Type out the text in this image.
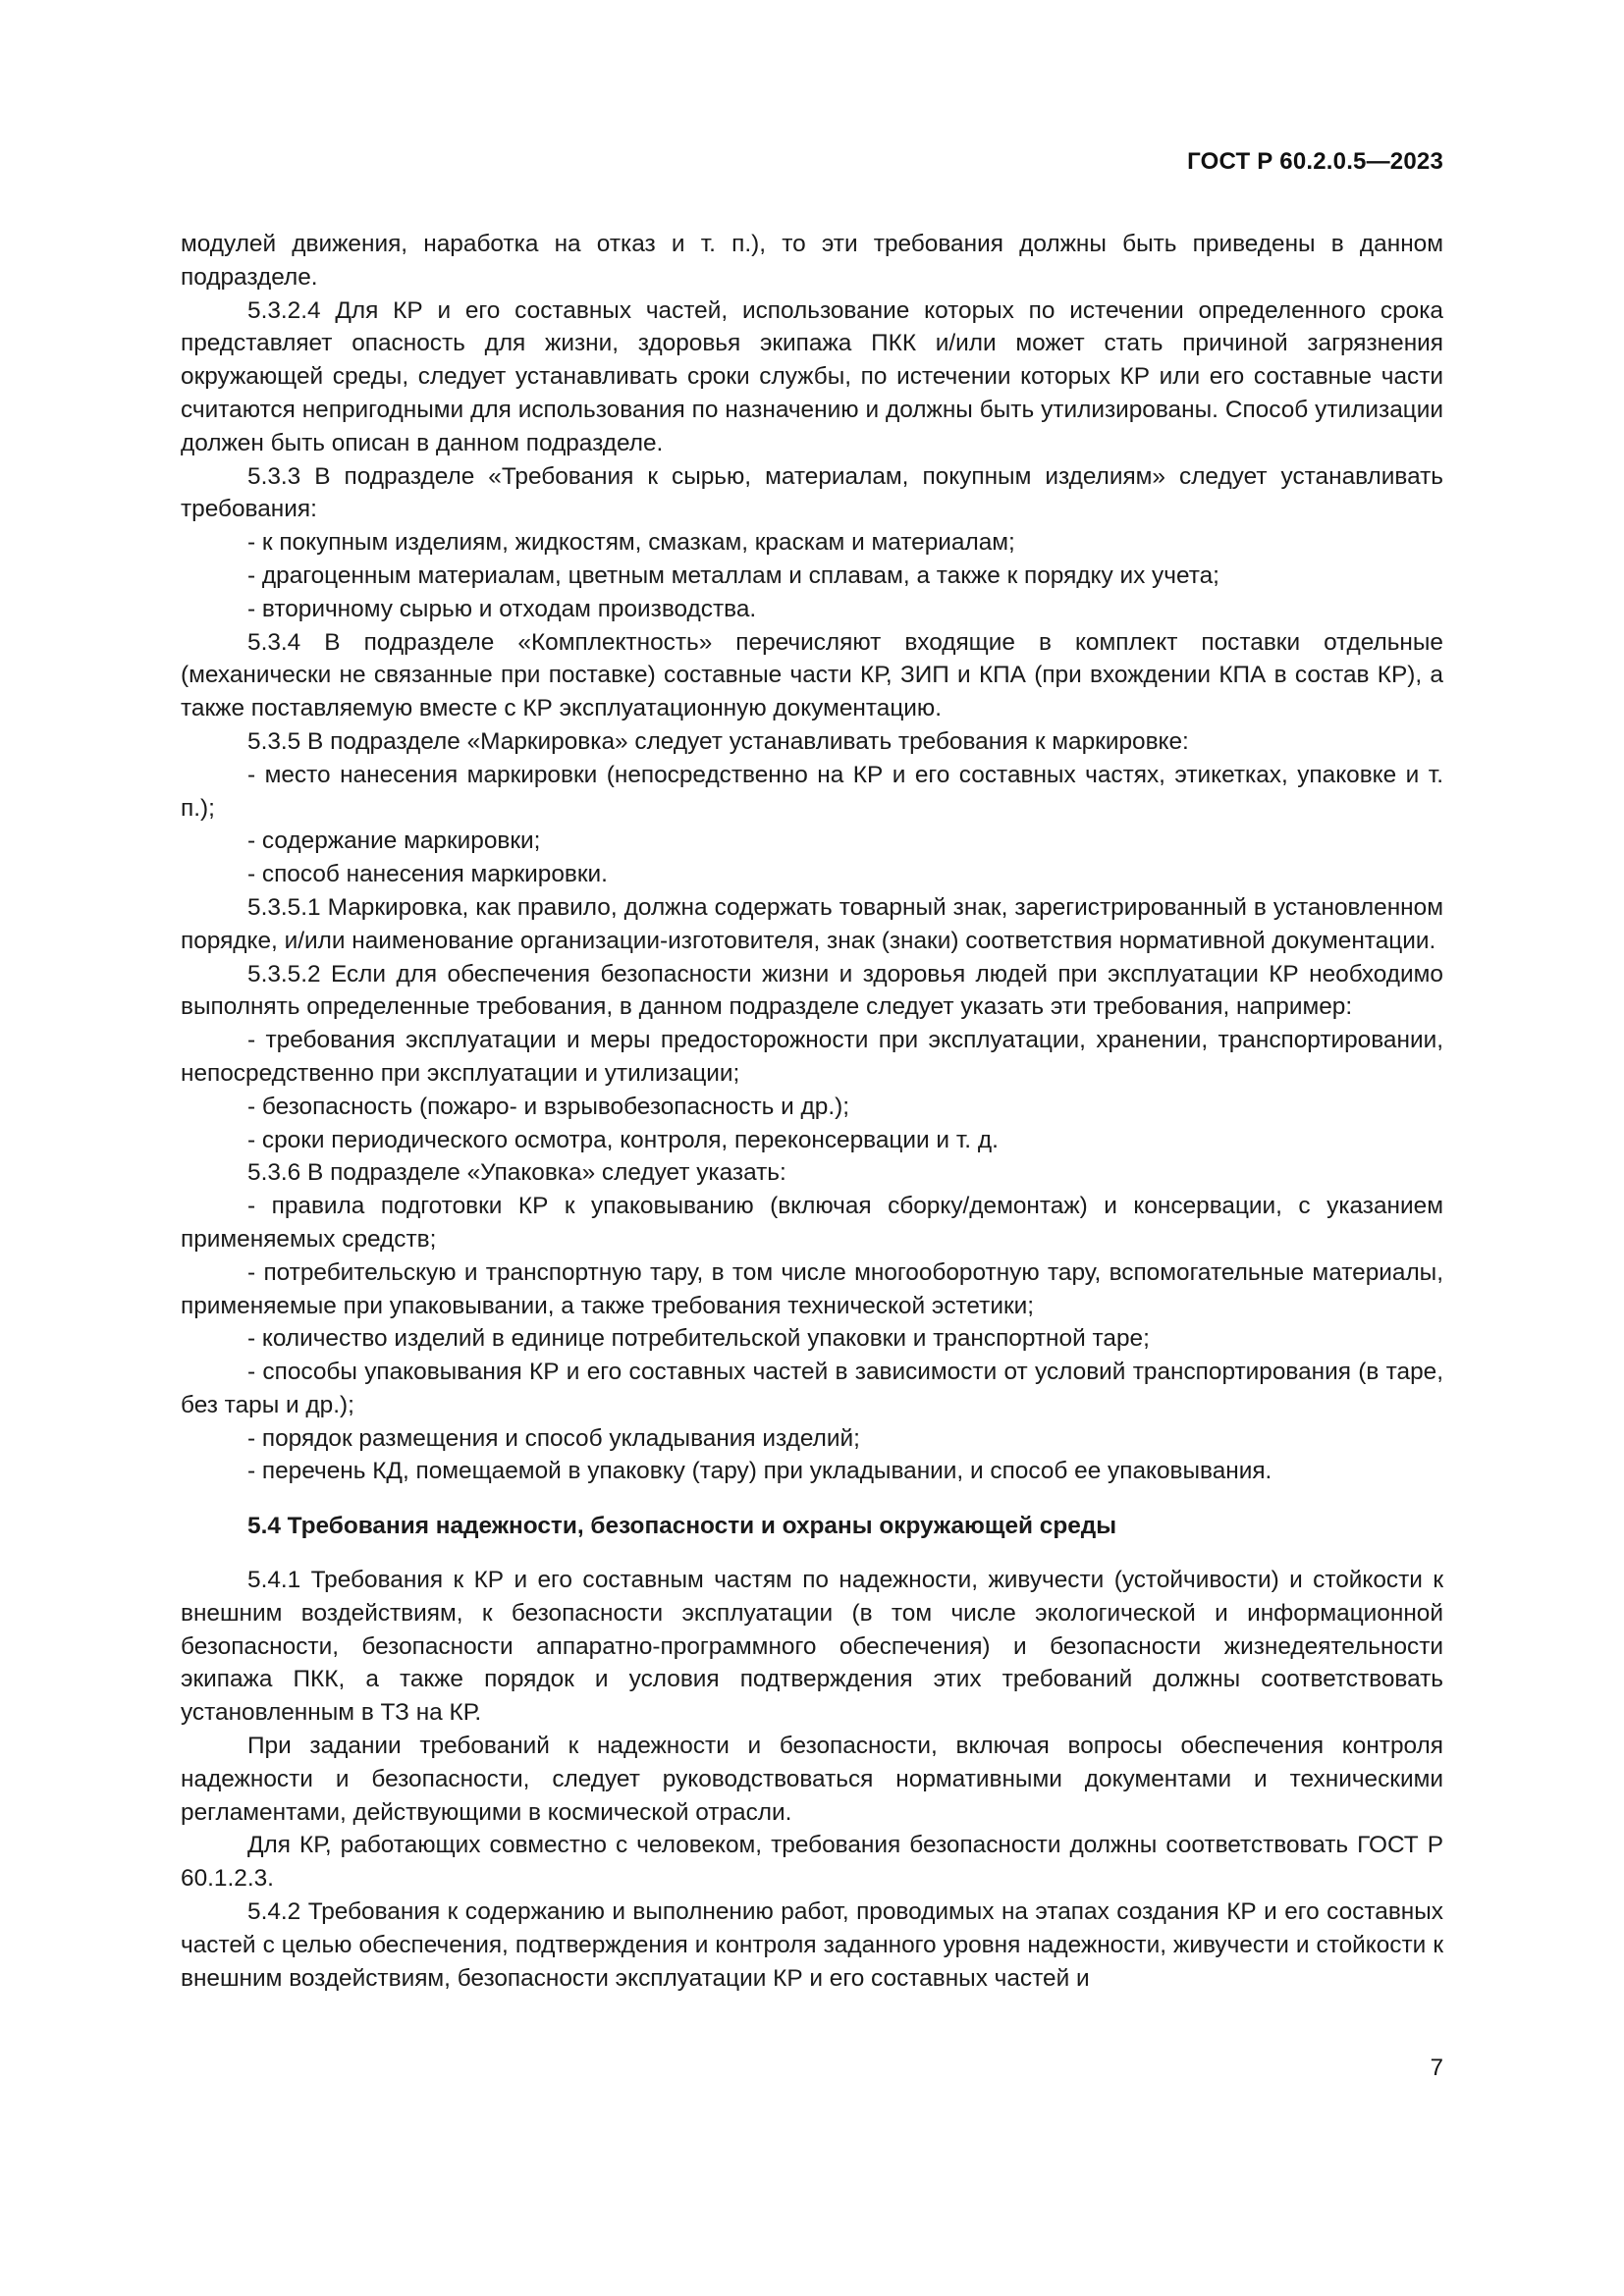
ГОСТ Р 60.2.0.5—2023

модулей движения, наработка на отказ и т. п.), то эти требования должны быть приведены в данном подразделе.

5.3.2.4 Для КР и его составных частей, использование которых по истечении определенного срока представляет опасность для жизни, здоровья экипажа ПКК и/или может стать причиной загрязнения окружающей среды, следует устанавливать сроки службы, по истечении которых КР или его составные части считаются непригодными для использования по назначению и должны быть утилизированы. Способ утилизации должен быть описан в данном подразделе.

5.3.3 В подразделе «Требования к сырью, материалам, покупным изделиям» следует устанавливать требования:

- к покупным изделиям, жидкостям, смазкам, краскам и материалам;

- драгоценным материалам, цветным металлам и сплавам, а также к порядку их учета;

- вторичному сырью и отходам производства.

5.3.4 В подразделе «Комплектность» перечисляют входящие в комплект поставки отдельные (механически не связанные при поставке) составные части КР, ЗИП и КПА (при вхождении КПА в состав КР), а также поставляемую вместе с КР эксплуатационную документацию.

5.3.5 В подразделе «Маркировка» следует устанавливать требования к маркировке:

- место нанесения маркировки (непосредственно на КР и его составных частях, этикетках, упаковке и т. п.);

- содержание маркировки;

- способ нанесения маркировки.

5.3.5.1 Маркировка, как правило, должна содержать товарный знак, зарегистрированный в установленном порядке, и/или наименование организации-изготовителя, знак (знаки) соответствия нормативной документации.

5.3.5.2 Если для обеспечения безопасности жизни и здоровья людей при эксплуатации КР необходимо выполнять определенные требования, в данном подразделе следует указать эти требования, например:

- требования эксплуатации и меры предосторожности при эксплуатации, хранении, транспортировании, непосредственно при эксплуатации и утилизации;

- безопасность (пожаро- и взрывобезопасность и др.);

- сроки периодического осмотра, контроля, переконсервации и т. д.

5.3.6 В подразделе «Упаковка» следует указать:

- правила подготовки КР к упаковыванию (включая сборку/демонтаж) и консервации, с указанием применяемых средств;

- потребительскую и транспортную тару, в том числе многооборотную тару, вспомогательные материалы, применяемые при упаковывании, а также требования технической эстетики;

- количество изделий в единице потребительской упаковки и транспортной таре;

- способы упаковывания КР и его составных частей в зависимости от условий транспортирования (в таре, без тары и др.);

- порядок размещения и способ укладывания изделий;

- перечень КД, помещаемой в упаковку (тару) при укладывании, и способ ее упаковывания.

5.4 Требования надежности, безопасности и охраны окружающей среды

5.4.1 Требования к КР и его составным частям по надежности, живучести (устойчивости) и стойкости к внешним воздействиям, к безопасности эксплуатации (в том числе экологической и информационной безопасности, безопасности аппаратно-программного обеспечения) и безопасности жизнедеятельности экипажа ПКК, а также порядок и условия подтверждения этих требований должны соответствовать установленным в ТЗ на КР.

При задании требований к надежности и безопасности, включая вопросы обеспечения контроля надежности и безопасности, следует руководствоваться нормативными документами и техническими регламентами, действующими в космической отрасли.

Для КР, работающих совместно с человеком, требования безопасности должны соответствовать ГОСТ Р 60.1.2.3.

5.4.2 Требования к содержанию и выполнению работ, проводимых на этапах создания КР и его составных частей с целью обеспечения, подтверждения и контроля заданного уровня надежности, живучести и стойкости к внешним воздействиям, безопасности эксплуатации КР и его составных частей и

7
